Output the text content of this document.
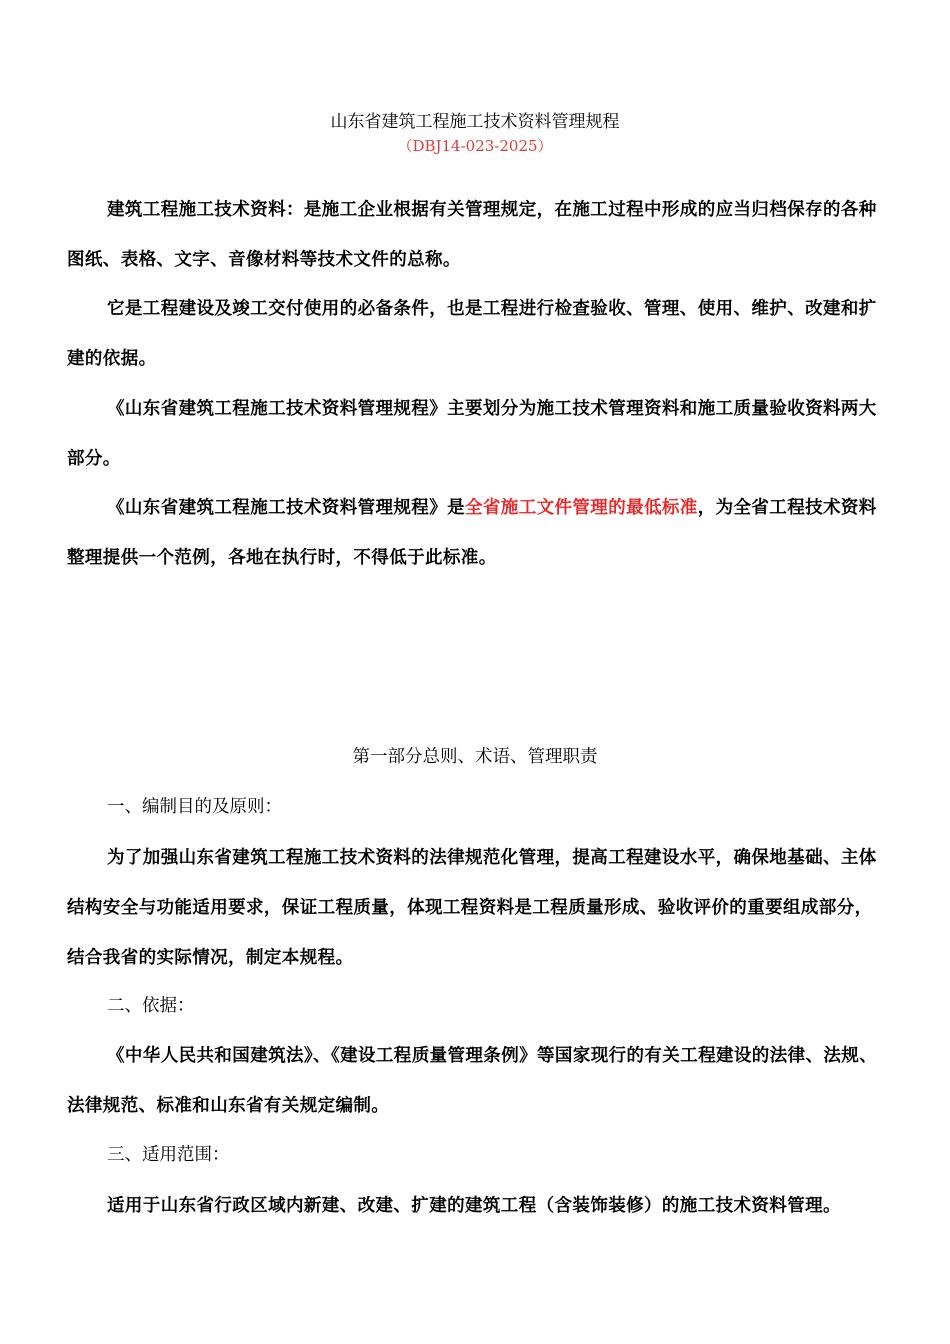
山东省建筑工程施工技术资料管理规程
（DBJ14-023-2025）

建筑工程施工技术资料：是施工企业根据有关管理规定，在施工过程中形成的应当归档保存的各种图纸、表格、文字、音像材料等技术文件的总称。

它是工程建设及竣工交付使用的必备条件，也是工程进行检查验收、管理、使用、维护、改建和扩建的依据。

《山东省建筑工程施工技术资料管理规程》主要划分为施工技术管理资料和施工质量验收资料两大部分。

《山东省建筑工程施工技术资料管理规程》是全省施工文件管理的最低标准，为全省工程技术资料整理提供一个范例，各地在执行时，不得低于此标准。

第一部分总则、术语、管理职责

一、编制目的及原则：

为了加强山东省建筑工程施工技术资料的法律规范化管理，提高工程建设水平，确保地基础、主体结构安全与功能适用要求，保证工程质量，体现工程资料是工程质量形成、验收评价的重要组成部分，结合我省的实际情况，制定本规程。

二、依据：

《中华人民共和国建筑法》、《建设工程质量管理条例》等国家现行的有关工程建设的法律、法规、法律规范、标准和山东省有关规定编制。

三、适用范围：

适用于山东省行政区域内新建、改建、扩建的建筑工程（含装饰装修）的施工技术资料管理。
